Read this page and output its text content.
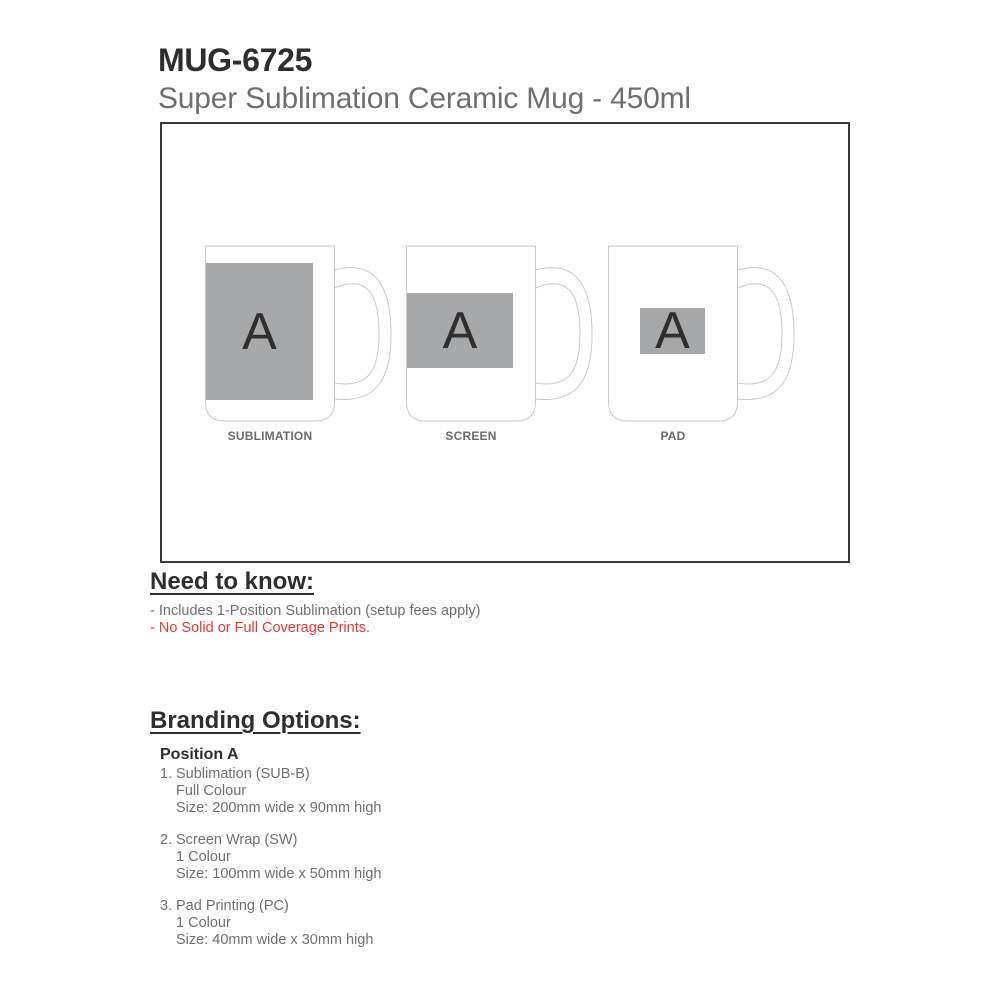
MUG-6725
Super Sublimation Ceramic Mug - 450ml
A
SUBLIMATION
A
SCREEN
A
PAD
Need to know:
- Includes 1-Position Sublimation (setup fees apply)
- No Solid or Full Coverage Prints.
Branding Options:
Position A
1. Sublimation (SUB-B)
Full Colour
Size: 200mm wide x 90mm high
2. Screen Wrap (SW)
1 Colour
Size: 100mm wide x 50mm high
3. Pad Printing (PC)
1 Colour
Size: 40mm wide x 30mm high
